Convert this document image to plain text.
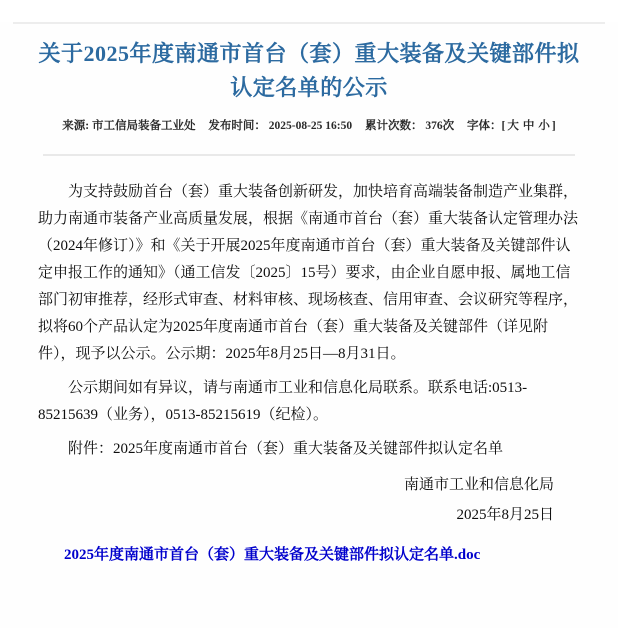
关于2025年度南通市首台（套）重大装备及关键部件拟认定名单的公示
来源: 市工信局装备工业处 发布时间： 2025-08-25 16:50 累计次数： 376次 字体：[ 大 中 小 ]

为支持鼓励首台（套）重大装备创新研发，加快培育高端装备制造产业集群，助力南通市装备产业高质量发展，根据《南通市首台（套）重大装备认定管理办法（2024年修订）》和《关于开展2025年度南通市首台（套）重大装备及关键部件认定申报工作的通知》（通工信发〔2025〕15号）要求，由企业自愿申报、属地工信部门初审推荐，经形式审查、材料审核、现场核查、信用审查、会议研究等程序，拟将60个产品认定为2025年度南通市首台（套）重大装备及关键部件（详见附件），现予以公示。公示期：2025年8月25日—8月31日。

公示期间如有异议，请与南通市工业和信息化局联系。联系电话:0513-85215639（业务），0513-85215619（纪检）。

附件：2025年度南通市首台（套）重大装备及关键部件拟认定名单

南通市工业和信息化局
2025年8月25日
2025年度南通市首台（套）重大装备及关键部件拟认定名单.doc
